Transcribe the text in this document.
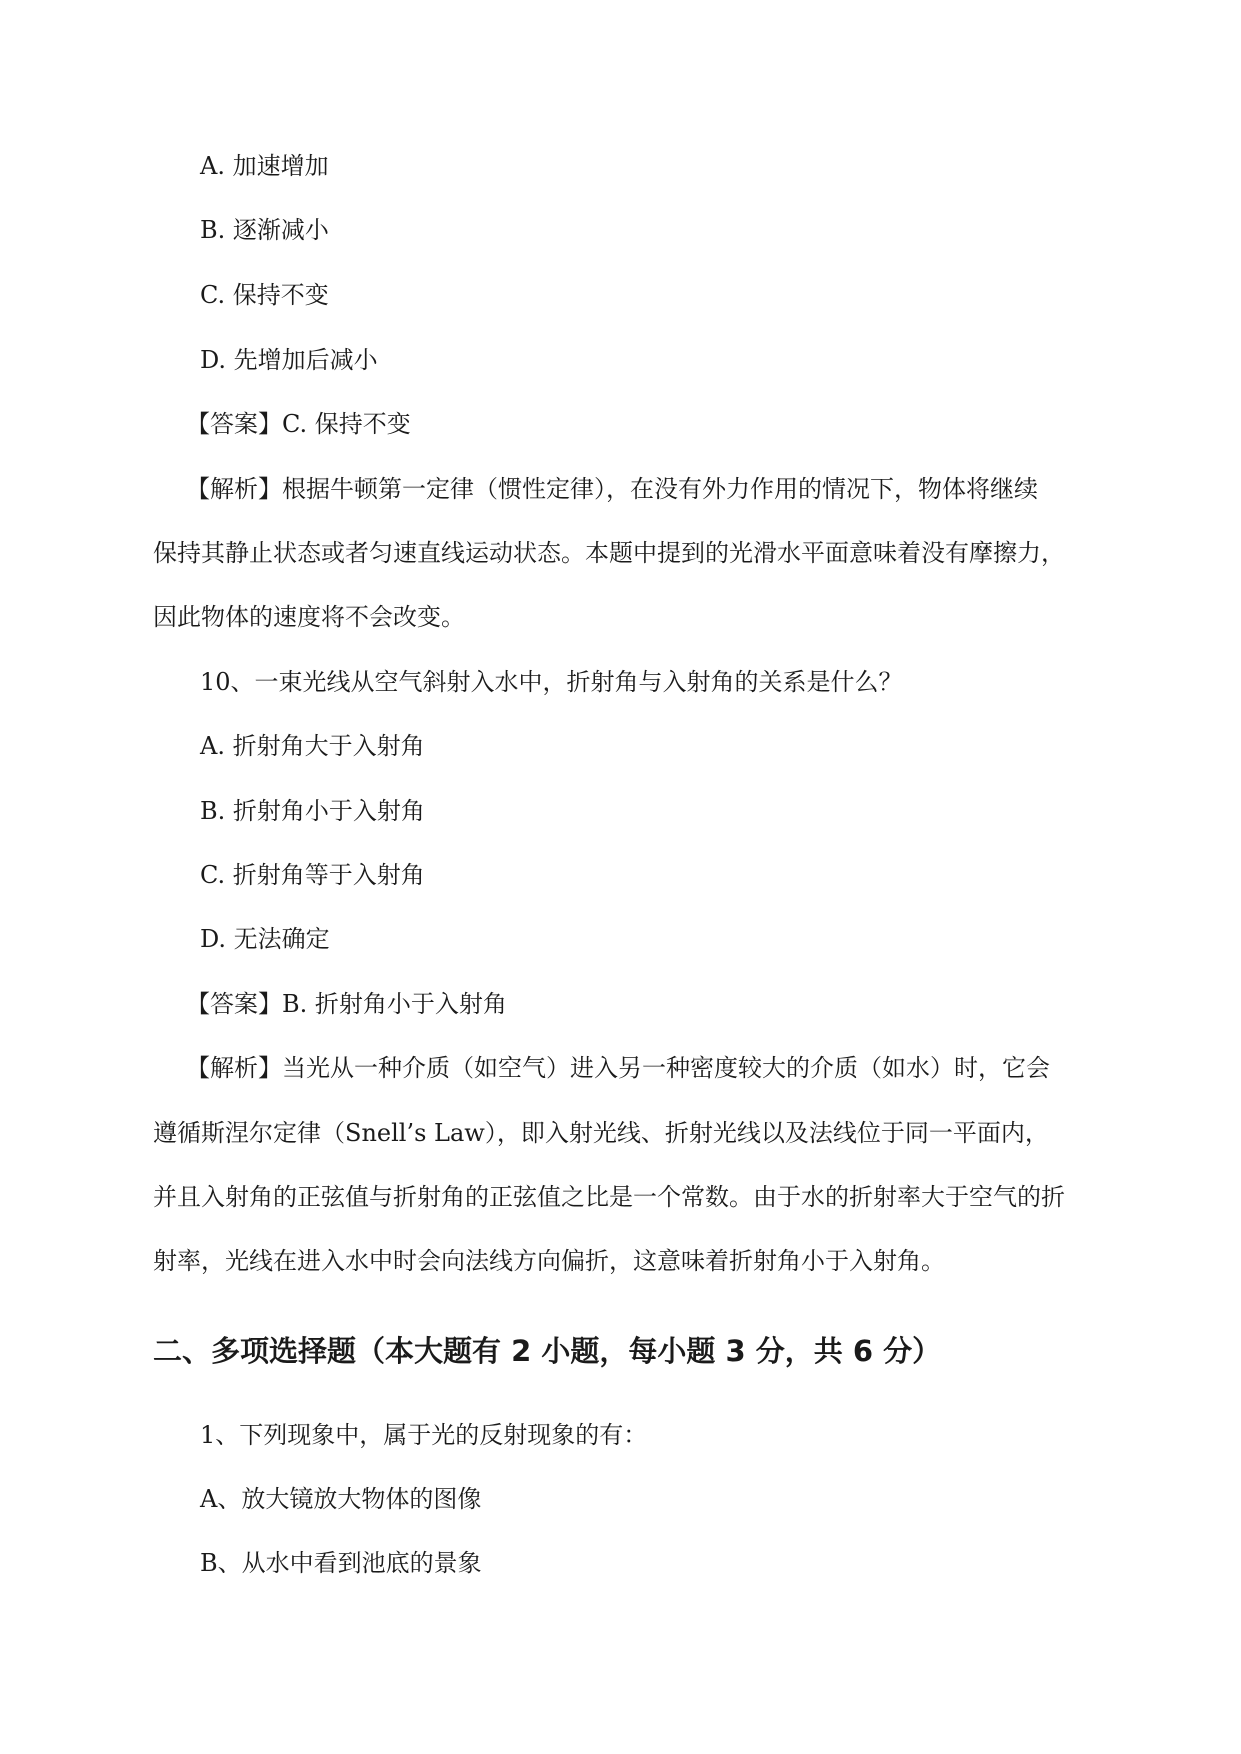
A. 加速增加
B. 逐渐减小
C. 保持不变
D. 先增加后减小
【答案】C. 保持不变
【解析】根据牛顿第一定律（惯性定律），在没有外力作用的情况下，物体将继续
保持其静止状态或者匀速直线运动状态。本题中提到的光滑水平面意味着没有摩擦力，
因此物体的速度将不会改变。
10、一束光线从空气斜射入水中，折射角与入射角的关系是什么？
A. 折射角大于入射角
B. 折射角小于入射角
C. 折射角等于入射角
D. 无法确定
【答案】B. 折射角小于入射角
【解析】当光从一种介质（如空气）进入另一种密度较大的介质（如水）时，它会
遵循斯涅尔定律（Snell’s Law），即入射光线、折射光线以及法线位于同一平面内，
并且入射角的正弦值与折射角的正弦值之比是一个常数。由于水的折射率大于空气的折
射率，光线在进入水中时会向法线方向偏折，这意味着折射角小于入射角。
二、多项选择题（本大题有 2 小题，每小题 3 分，共 6 分）
1、下列现象中，属于光的反射现象的有：
A、放大镜放大物体的图像
B、从水中看到池底的景象
